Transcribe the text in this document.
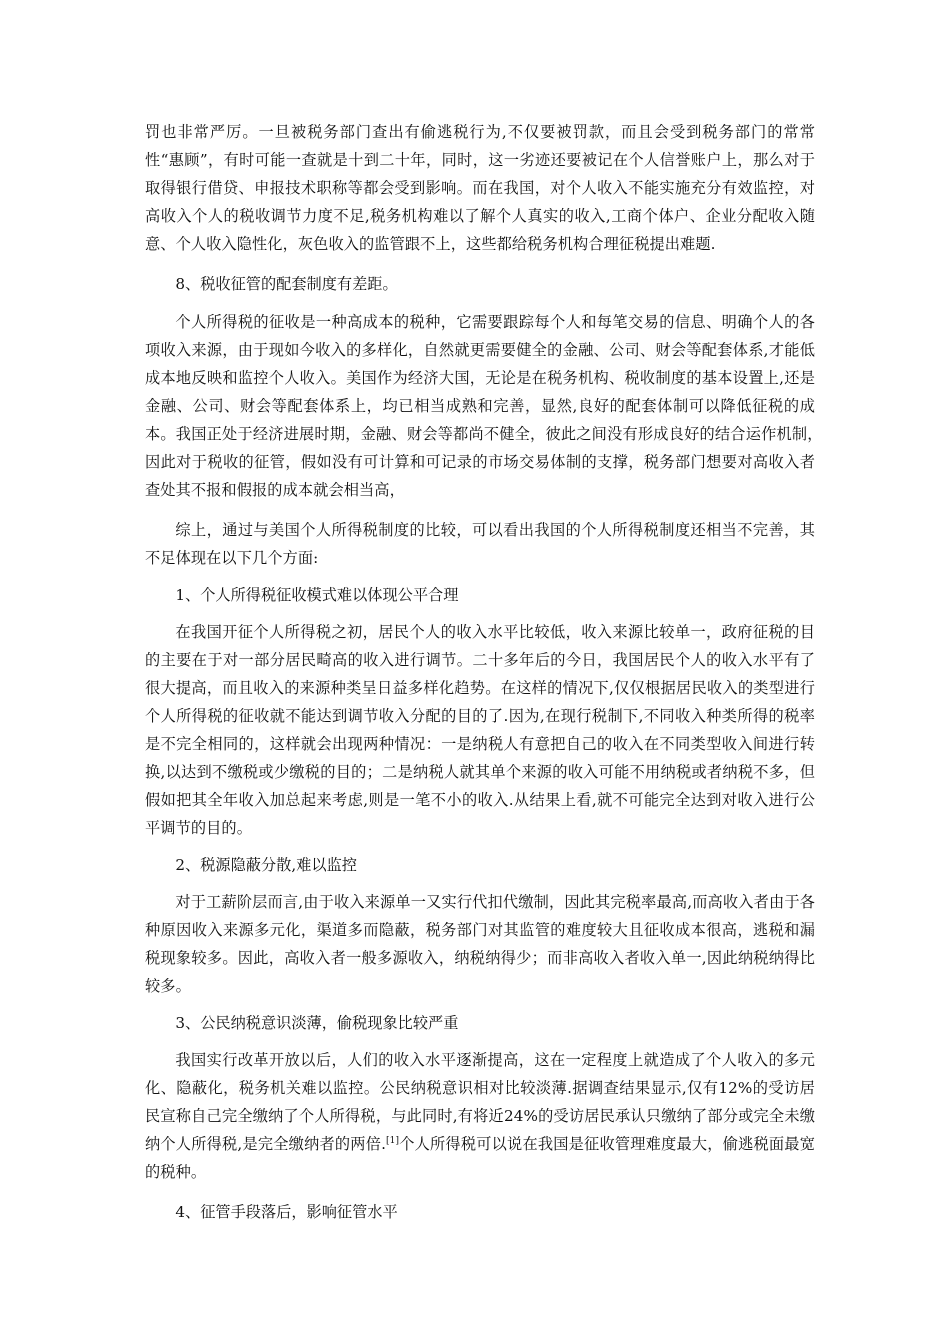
罚也非常严厉。一旦被税务部门查出有偷逃税行为,不仅要被罚款，而且会受到税务部门的常常性“惠顾”，有时可能一查就是十到二十年，同时，这一劣迹还要被记在个人信誉账户上，那么对于取得银行借贷、申报技术职称等都会受到影响。而在我国，对个人收入不能实施充分有效监控，对高收入个人的税收调节力度不足,税务机构难以了解个人真实的收入,工商个体户、企业分配收入随意、个人收入隐性化，灰色收入的监管跟不上，这些都给税务机构合理征税提出难题.

8、税收征管的配套制度有差距。

个人所得税的征收是一种高成本的税种，它需要跟踪每个人和每笔交易的信息、明确个人的各项收入来源，由于现如今收入的多样化，自然就更需要健全的金融、公司、财会等配套体系,才能低成本地反映和监控个人收入。美国作为经济大国，无论是在税务机构、税收制度的基本设置上,还是金融、公司、财会等配套体系上，均已相当成熟和完善，显然,良好的配套体制可以降低征税的成本。我国正处于经济进展时期，金融、财会等都尚不健全，彼此之间没有形成良好的结合运作机制，　因此对于税收的征管，假如没有可计算和可记录的市场交易体制的支撑，税务部门想要对高收入者查处其不报和假报的成本就会相当高，

综上，通过与美国个人所得税制度的比较，可以看出我国的个人所得税制度还相当不完善，其不足体现在以下几个方面:

1、个人所得税征收模式难以体现公平合理

在我国开征个人所得税之初，居民个人的收入水平比较低，收入来源比较单一，政府征税的目的主要在于对一部分居民畸高的收入进行调节。二十多年后的今日，我国居民个人的收入水平有了很大提高，而且收入的来源种类呈日益多样化趋势。在这样的情况下,仅仅根据居民收入的类型进行个人所得税的征收就不能达到调节收入分配的目的了.因为,在现行税制下,不同收入种类所得的税率是不完全相同的，这样就会出现两种情况：一是纳税人有意把自己的收入在不同类型收入间进行转换,以达到不缴税或少缴税的目的；二是纳税人就其单个来源的收入可能不用纳税或者纳税不多，但假如把其全年收入加总起来考虑,则是一笔不小的收入.从结果上看,就不可能完全达到对收入进行公平调节的目的。

2、税源隐蔽分散,难以监控

对于工薪阶层而言,由于收入来源单一又实行代扣代缴制，因此其完税率最高,而高收入者由于各种原因收入来源多元化，渠道多而隐蔽，税务部门对其监管的难度较大且征收成本很高，逃税和漏税现象较多。因此，高收入者一般多源收入，纳税纳得少；而非高收入者收入单一,因此纳税纳得比较多。

3、公民纳税意识淡薄，偷税现象比较严重

我国实行改革开放以后，人们的收入水平逐渐提高，这在一定程度上就造成了个人收入的多元化、隐蔽化，税务机关难以监控。公民纳税意识相对比较淡薄.据调查结果显示,仅有12%的受访居民宣称自己完全缴纳了个人所得税，与此同时,有将近24%的受访居民承认只缴纳了部分或完全未缴纳个人所得税,是完全缴纳者的两倍.[1]个人所得税可以说在我国是征收管理难度最大，偷逃税面最宽的税种。

4、征管手段落后，影响征管水平
